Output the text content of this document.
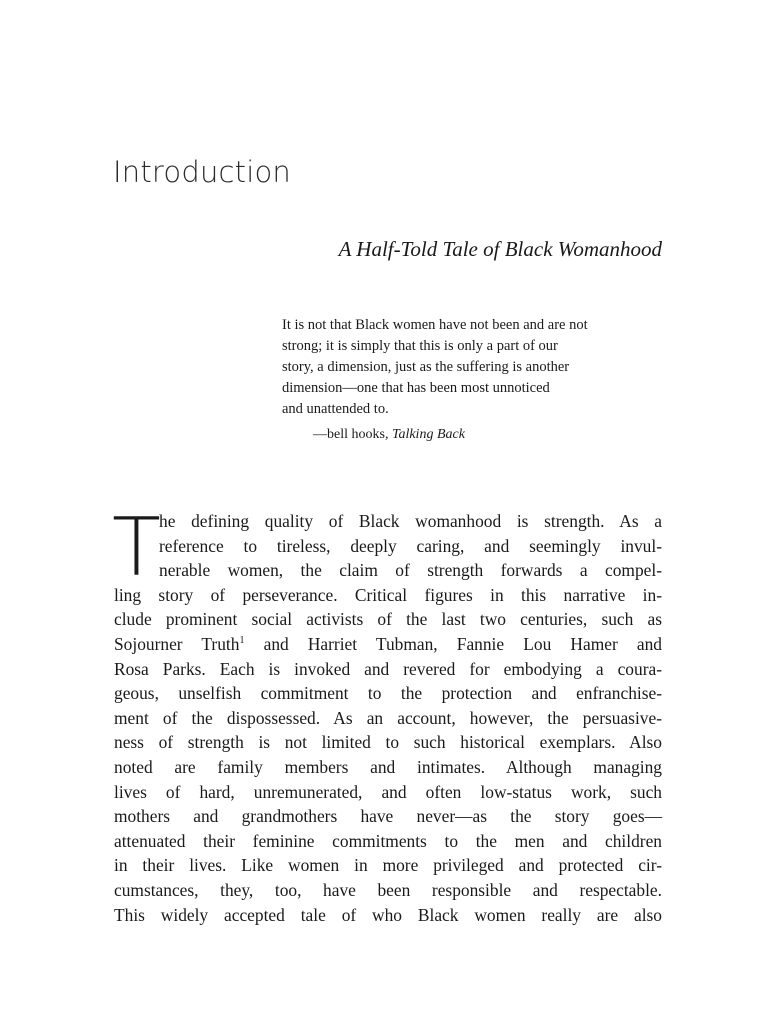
Introduction
A Half-Told Tale of Black Womanhood
It is not that Black women have not been and are not
strong; it is simply that this is only a part of our
story, a dimension, just as the suffering is another
dimension—one that has been most unnoticed
and unattended to.
—bell hooks, Talking Back
T
he defining quality of Black womanhood is strength. As a
reference to tireless, deeply caring, and seemingly invul-
nerable women, the claim of strength forwards a compel-
ling story of perseverance. Critical figures in this narrative in-
clude prominent social activists of the last two centuries, such as
Sojourner Truth$^1$ and Harriet Tubman, Fannie Lou Hamer and
Rosa Parks. Each is invoked and revered for embodying a coura-
geous, unselfish commitment to the protection and enfranchise-
ment of the dispossessed. As an account, however, the persuasive-
ness of strength is not limited to such historical exemplars. Also
noted are family members and intimates. Although managing
lives of hard, unremunerated, and often low-status work, such
mothers and grandmothers have never—as the story goes—
attenuated their feminine commitments to the men and children
in their lives. Like women in more privileged and protected cir-
cumstances, they, too, have been responsible and respectable.
This widely accepted tale of who Black women really are also
